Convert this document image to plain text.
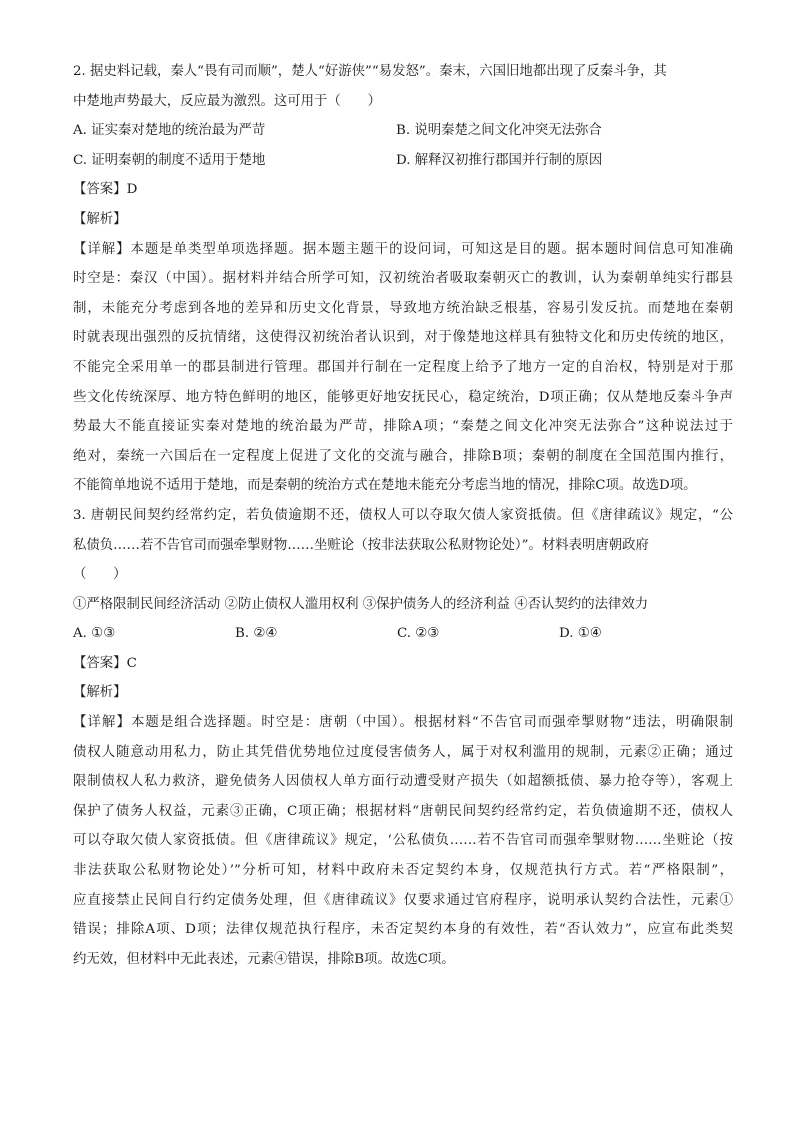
2. 据史料记载，秦人“畏有司而顺”，楚人“好游侠”“易发怒”。秦末，六国旧地都出现了反秦斗争，其
中楚地声势最大，反应最为激烈。这可用于（　　）
A. 证实秦对楚地的统治最为严苛	B. 说明秦楚之间文化冲突无法弥合
C. 证明秦朝的制度不适用于楚地	D. 解释汉初推行郡国并行制的原因
【答案】D
【解析】
【详解】本题是单类型单项选择题。据本题主题干的设问词，可知这是目的题。据本题时间信息可知准确
时空是：秦汉（中国）。据材料并结合所学可知，汉初统治者吸取秦朝灭亡的教训，认为秦朝单纯实行郡县
制，未能充分考虑到各地的差异和历史文化背景，导致地方统治缺乏根基，容易引发反抗。而楚地在秦朝
时就表现出强烈的反抗情绪，这使得汉初统治者认识到，对于像楚地这样具有独特文化和历史传统的地区，
不能完全采用单一的郡县制进行管理。郡国并行制在一定程度上给予了地方一定的自治权，特别是对于那
些文化传统深厚、地方特色鲜明的地区，能够更好地安抚民心，稳定统治，D项正确；仅从楚地反秦斗争声
势最大不能直接证实秦对楚地的统治最为严苛，排除A项；“秦楚之间文化冲突无法弥合”这种说法过于
绝对，秦统一六国后在一定程度上促进了文化的交流与融合，排除B项；秦朝的制度在全国范围内推行，
不能简单地说不适用于楚地，而是秦朝的统治方式在楚地未能充分考虑当地的情况，排除C项。故选D项。
3. 唐朝民间契约经常约定，若负债逾期不还，债权人可以夺取欠债人家资抵债。但《唐律疏议》规定，“公
私债负……若不告官司而强牵掣财物……坐赃论（按非法获取公私财物论处）”。材料表明唐朝政府
（　　）
①严格限制民间经济活动 ②防止债权人滥用权利 ③保护债务人的经济利益 ④否认契约的法律效力
A. ①③	B. ②④	C. ②③	D. ①④
【答案】C
【解析】
【详解】本题是组合选择题。时空是：唐朝（中国）。根据材料“不告官司而强牵掣财物”违法，明确限制
债权人随意动用私力，防止其凭借优势地位过度侵害债务人，属于对权利滥用的规制，元素②正确；通过
限制债权人私力救济，避免债务人因债权人单方面行动遭受财产损失（如超额抵债、暴力抢夺等），客观上
保护了债务人权益，元素③正确，C项正确；根据材料“唐朝民间契约经常约定，若负债逾期不还，债权人
可以夺取欠债人家资抵债。但《唐律疏议》规定，‘公私债负……若不告官司而强牵掣财物……坐赃论（按
非法获取公私财物论处）’”分析可知，材料中政府未否定契约本身，仅规范执行方式。若“严格限制”，
应直接禁止民间自行约定债务处理，但《唐律疏议》仅要求通过官府程序，说明承认契约合法性，元素①
错误；排除A项、D项；法律仅规范执行程序，未否定契约本身的有效性，若“否认效力”，应宣布此类契
约无效，但材料中无此表述，元素④错误，排除B项。故选C项。
